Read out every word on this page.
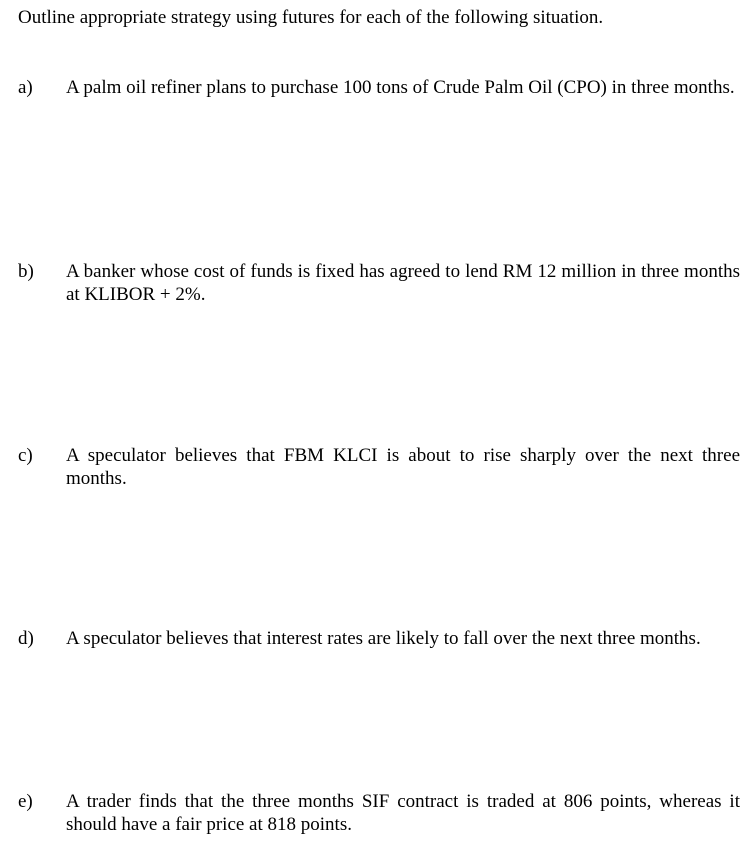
Outline appropriate strategy using futures for each of the following situation.
a) A palm oil refiner plans to purchase 100 tons of Crude Palm Oil (CPO) in three months.
b) A banker whose cost of funds is fixed has agreed to lend RM 12 million in three months at KLIBOR + 2%.
c) A speculator believes that FBM KLCI is about to rise sharply over the next three months.
d) A speculator believes that interest rates are likely to fall over the next three months.
e) A trader finds that the three months SIF contract is traded at 806 points, whereas it should have a fair price at 818 points.
